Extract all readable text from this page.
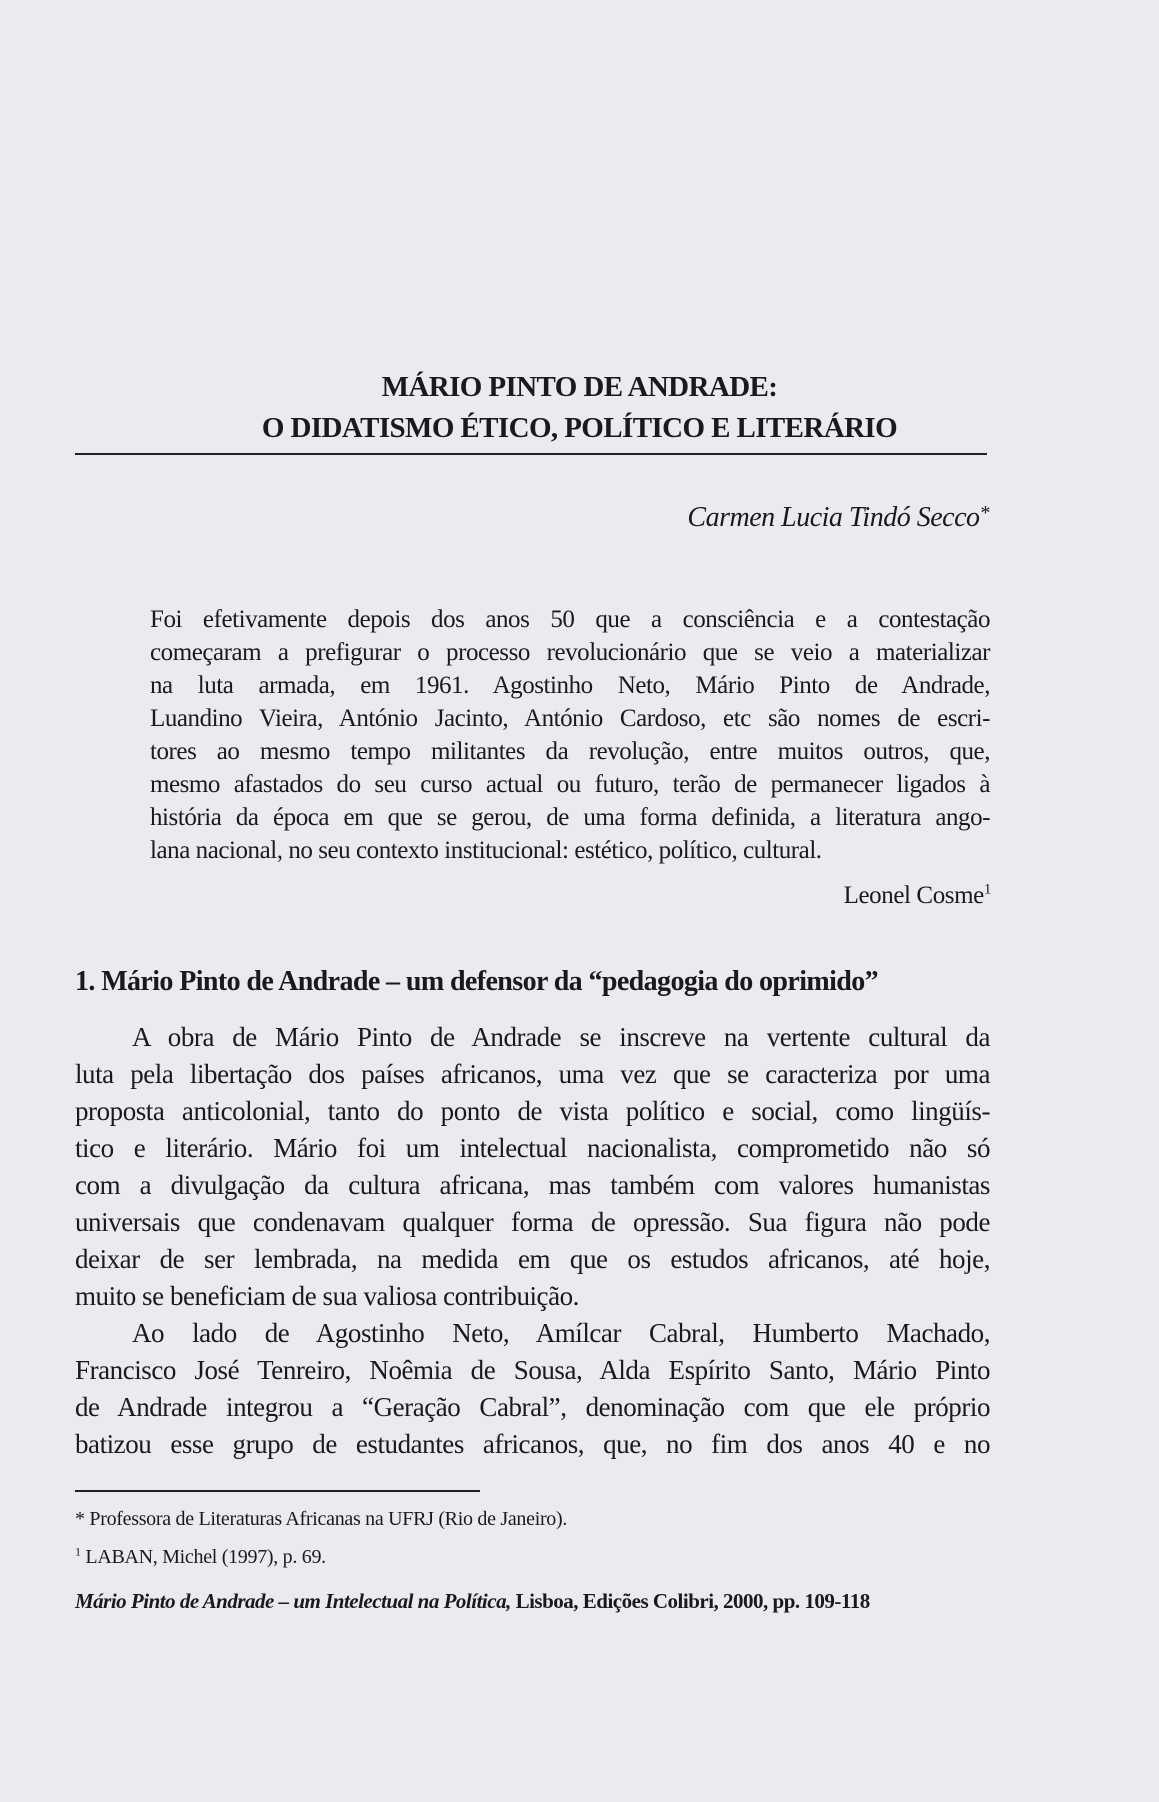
MÁRIO PINTO DE ANDRADE:
O DIDATISMO ÉTICO, POLÍTICO E LITERÁRIO
Carmen Lucia Tindó Secco*
Foi efetivamente depois dos anos 50 que a consciência e a contestação
começaram a prefigurar o processo revolucionário que se veio a materializar
na luta armada, em 1961. Agostinho Neto, Mário Pinto de Andrade,
Luandino Vieira, António Jacinto, António Cardoso, etc são nomes de escri-
tores ao mesmo tempo militantes da revolução, entre muitos outros, que,
mesmo afastados do seu curso actual ou futuro, terão de permanecer ligados à
história da época em que se gerou, de uma forma definida, a literatura ango-
lana nacional, no seu contexto institucional: estético, político, cultural.
Leonel Cosme$^1$
1. Mário Pinto de Andrade – um defensor da “pedagogia do oprimido”
A obra de Mário Pinto de Andrade se inscreve na vertente cultural da
luta pela libertação dos países africanos, uma vez que se caracteriza por uma
proposta anticolonial, tanto do ponto de vista político e social, como lingüís-
tico e literário. Mário foi um intelectual nacionalista, comprometido não só
com a divulgação da cultura africana, mas também com valores humanistas
universais que condenavam qualquer forma de opressão. Sua figura não pode
deixar de ser lembrada, na medida em que os estudos africanos, até hoje,
muito se beneficiam de sua valiosa contribuição.
Ao lado de Agostinho Neto, Amílcar Cabral, Humberto Machado,
Francisco José Tenreiro, Noêmia de Sousa, Alda Espírito Santo, Mário Pinto
de Andrade integrou a “Geração Cabral”, denominação com que ele próprio
batizou esse grupo de estudantes africanos, que, no fim dos anos 40 e no
* Professora de Literaturas Africanas na UFRJ (Rio de Janeiro).
$^1$ LABAN, Michel (1997), p. 69.
Mário Pinto de Andrade – um Intelectual na Política, Lisboa, Edições Colibri, 2000, pp. 109-118
